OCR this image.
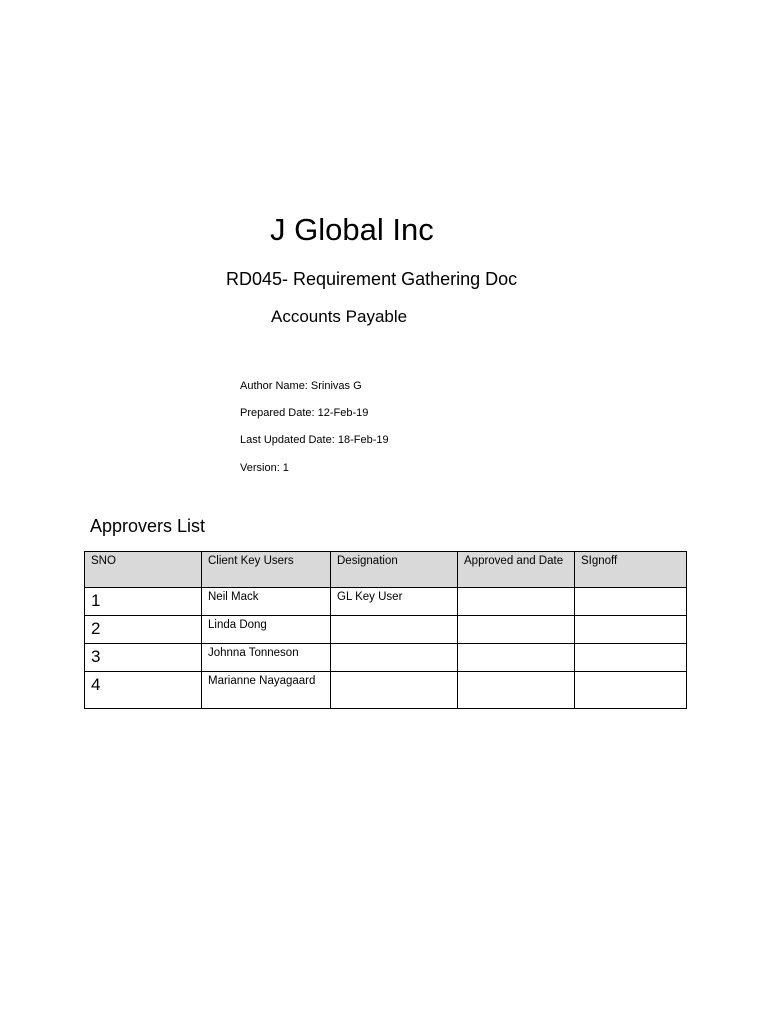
J Global Inc
RD045- Requirement Gathering Doc
Accounts Payable
Author Name: Srinivas G
Prepared Date: 12-Feb-19
Last Updated Date: 18-Feb-19
Version: 1
Approvers List
SNO	Client Key Users	Designation	Approved and Date	SIgnoff
1	Neil Mack	GL Key User		
2	Linda Dong			
3	Johnna Tonneson			
4	Marianne Nayagaard			
